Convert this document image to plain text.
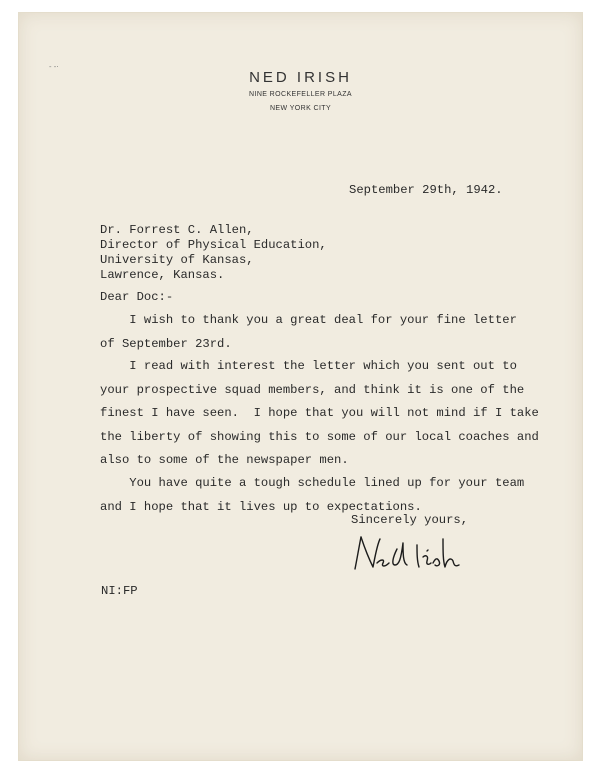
- -·
NED IRISH
NINE ROCKEFELLER PLAZA
NEW YORK CITY
September 29th, 1942.
Dr. Forrest C. Allen,
Director of Physical Education,
University of Kansas,
Lawrence, Kansas.
Dear Doc:-
I wish to thank you a great deal for your fine letter
of September 23rd.
I read with interest the letter which you sent out to
your prospective squad members, and think it is one of the
finest I have seen.  I hope that you will not mind if I take
the liberty of showing this to some of our local coaches and
also to some of the newspaper men.
You have quite a tough schedule lined up for your team
and I hope that it lives up to expectations.
Sincerely yours,
NI:FP
